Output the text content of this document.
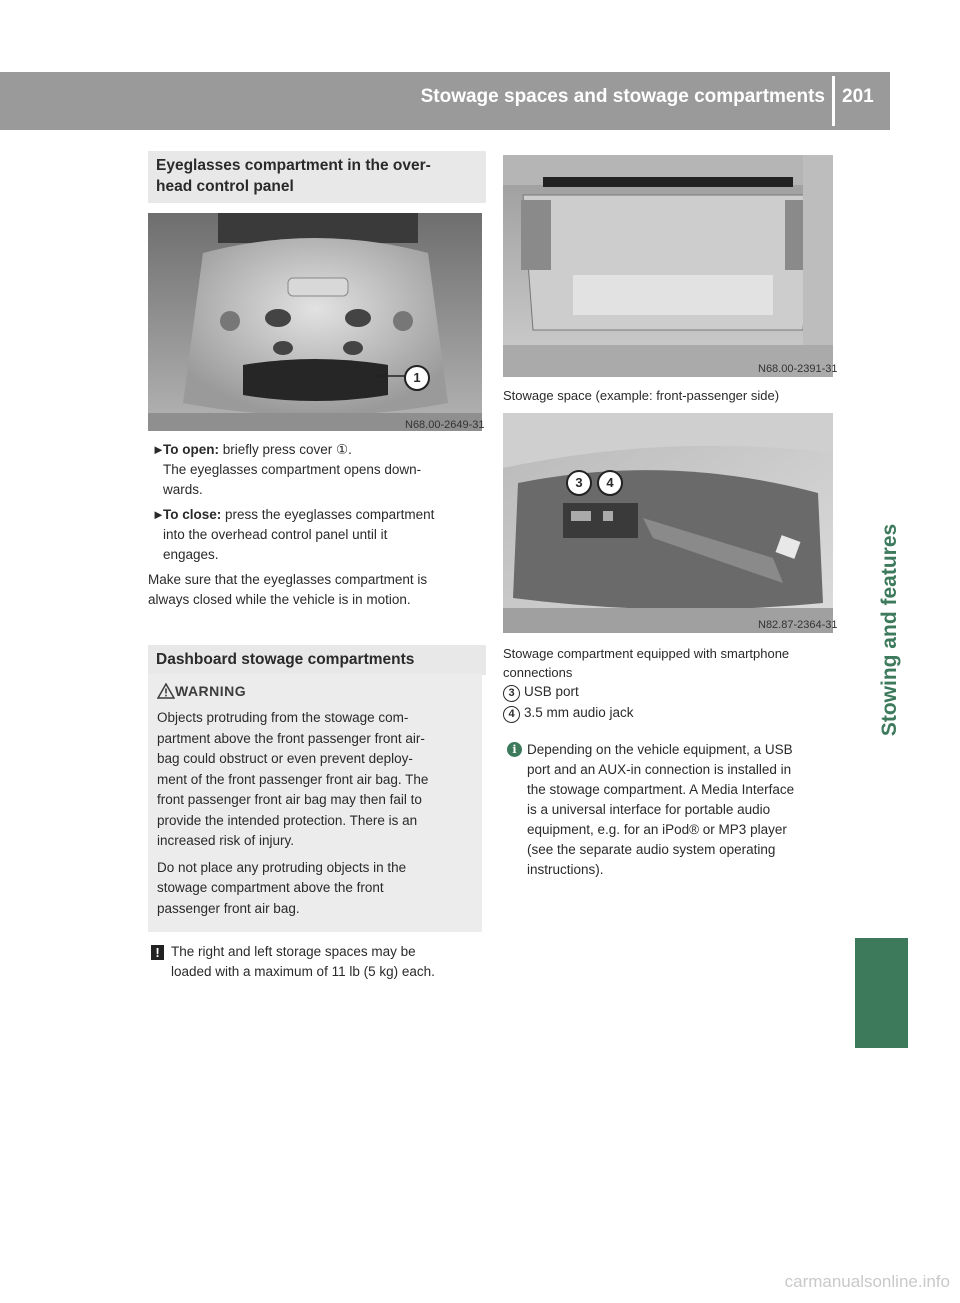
Stowage spaces and stowage compartments 201
Stowing and features
Eyeglasses compartment in the over-
head control panel
1
N68.00-2649-31
►
To open: briefly press cover ①.
The eyeglasses compartment opens down-
wards.
►
To close: press the eyeglasses compartment
into the overhead control panel until it
engages.
Make sure that the eyeglasses compartment is
always closed while the vehicle is in motion.
Dashboard stowage compartments
WARNING
Objects protruding from the stowage com-
partment above the front passenger front air-
bag could obstruct or even prevent deploy-
ment of the front passenger front air bag. The
front passenger front air bag may then fail to
provide the intended protection. There is an
increased risk of injury.
Do not place any protruding objects in the
stowage compartment above the front
passenger front air bag.
! The right and left storage spaces may be
loaded with a maximum of 11 lb (5 kg) each.
N68.00-2391-31
Stowage space (example: front-passenger side)
3	4
N82.87-2364-31
Stowage compartment equipped with smartphone
connections
3 USB port
4 3.5 mm audio jack
i Depending on the vehicle equipment, a USB
port and an AUX-in connection is installed in
the stowage compartment. A Media Interface
is a universal interface for portable audio
equipment, e.g. for an iPod® or MP3 player
(see the separate audio system operating
instructions).
carmanualsonline.info
